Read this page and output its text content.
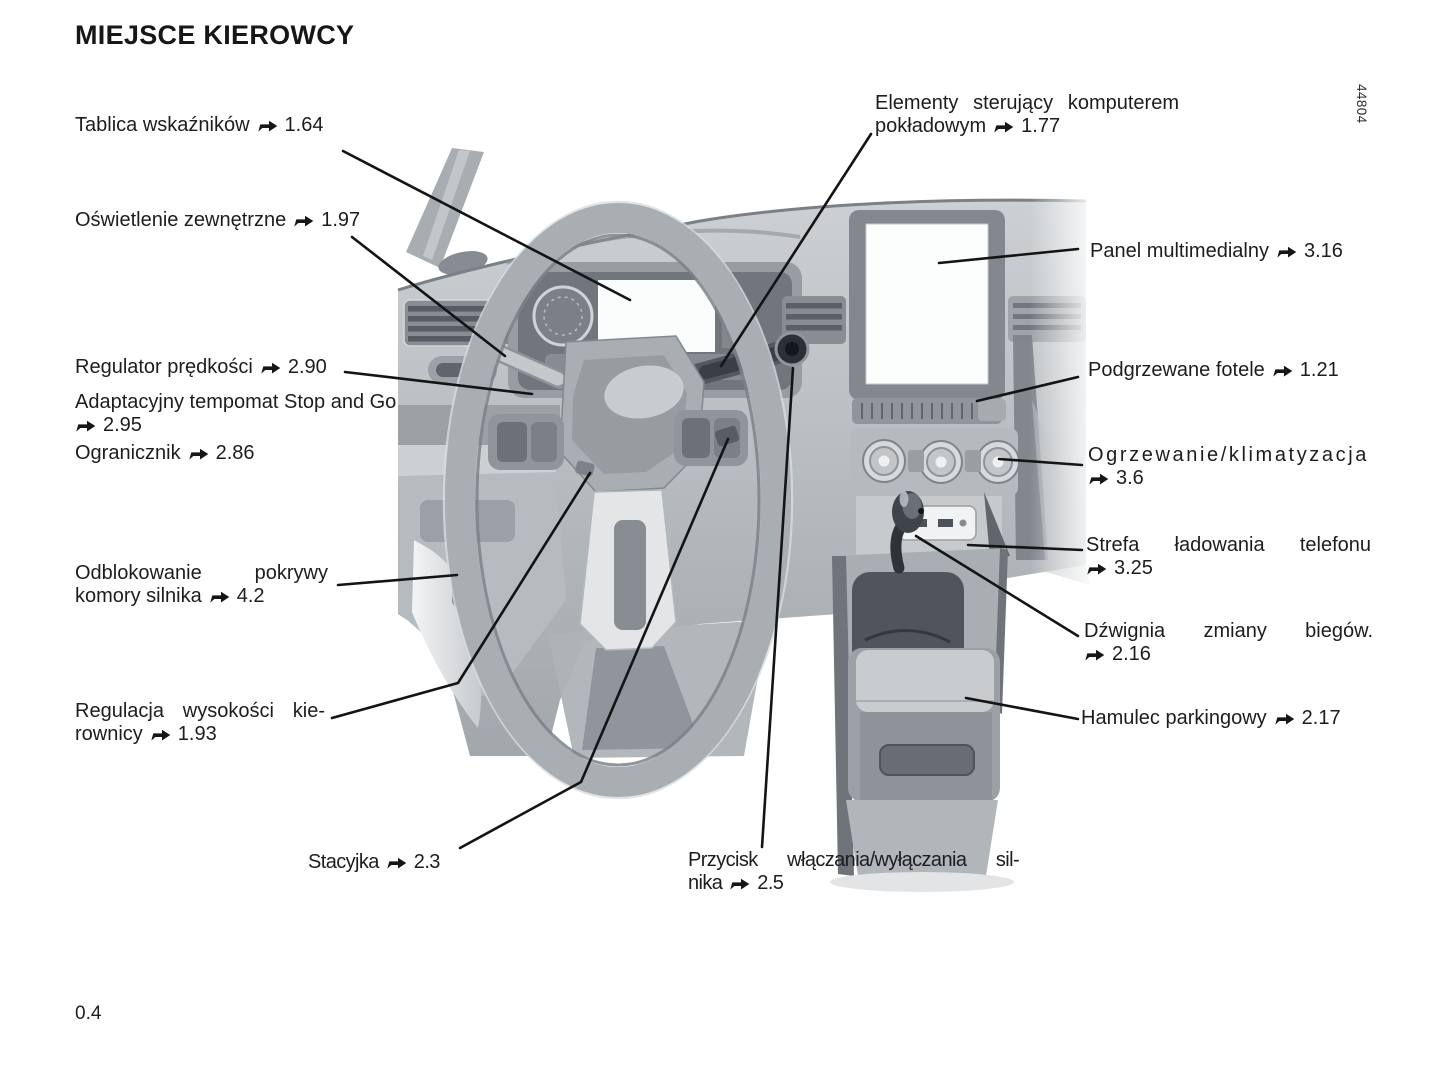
MIEJSCE KIEROWCY
Tablica wskaźników 1.64
Oświetlenie zewnętrzne 1.97
Regulator prędkości 2.90
Adaptacyjny tempomat Stop and Go
2.95
Ogranicznik 2.86
Odblokowanie pokrywy
komory silnika 4.2
Regulacja wysokości kie-
rownicy 1.93
Stacyjka 2.3
Elementy sterujący komputerem
pokładowym 1.77
Panel multimedialny 3.16
Podgrzewane fotele 1.21
Ogrzewanie/klimatyzacja
3.6
Strefa ładowania telefonu
3.25
Dźwignia zmiany biegów.
2.16
Hamulec parkingowy 2.17
Przycisk włączania/wyłączania sil-
nika 2.5
0.4
44804
